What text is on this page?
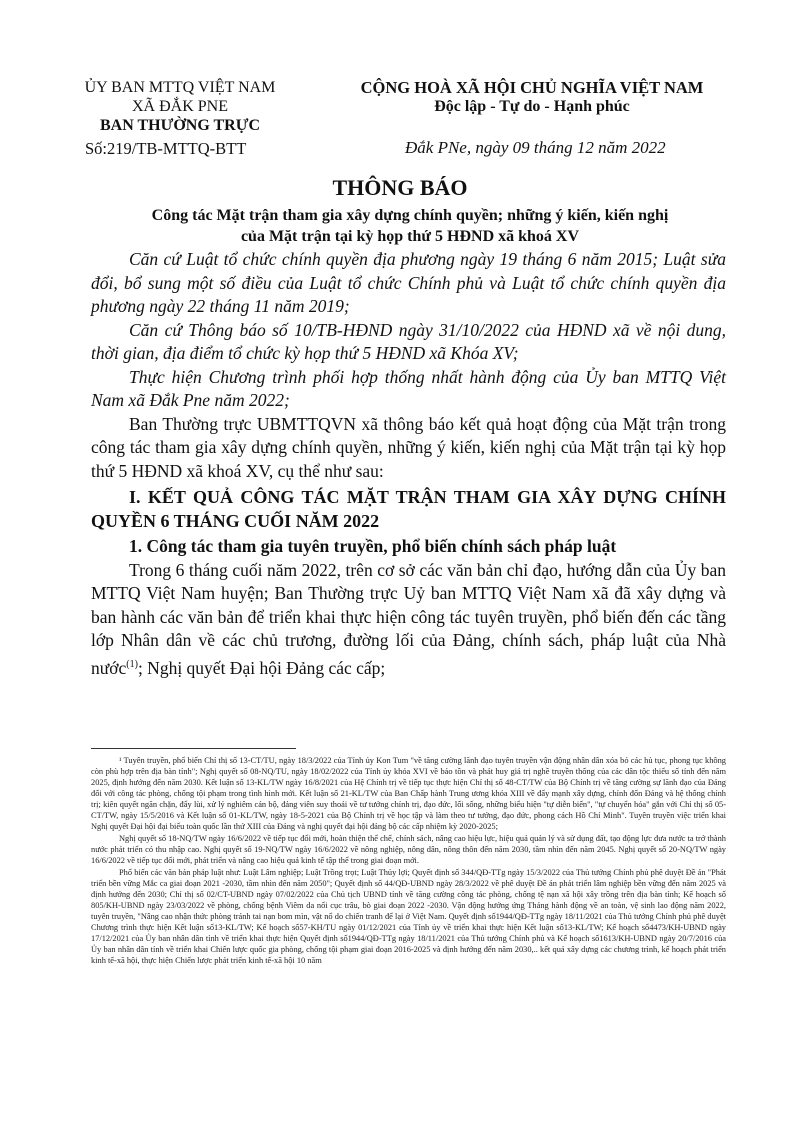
ỦY BAN MTTQ VIỆT NAM
XÃ ĐẮK PNE
BAN THƯỜNG TRỰC
Số:219/TB-MTTQ-BTT
CỘNG HOÀ XÃ HỘI CHỦ NGHĨA VIỆT NAM
Độc lập - Tự do - Hạnh phúc
Đắk PNe, ngày 09 tháng 12 năm 2022
THÔNG BÁO
Công tác Mặt trận tham gia xây dựng chính quyền; những ý kiến, kiến nghị
của Mặt trận tại kỳ họp thứ 5 HĐND xã khoá XV

Căn cứ Luật tổ chức chính quyền địa phương ngày 19 tháng 6 năm 2015; Luật sửa đổi, bổ sung một số điều của Luật tổ chức Chính phủ và Luật tổ chức chính quyền địa phương ngày 22 tháng 11 năm 2019;

Căn cứ Thông báo số 10/TB-HĐND ngày 31/10/2022 của HĐND xã về nội dung, thời gian, địa điểm tổ chức kỳ họp thứ 5 HĐND xã Khóa XV;

Thực hiện Chương trình phối hợp thống nhất hành động của Ủy ban MTTQ Việt Nam xã Đắk Pne năm 2022;

Ban Thường trực UBMTTQVN xã thông báo kết quả hoạt động của Mặt trận trong công tác tham gia xây dựng chính quyền, những ý kiến, kiến nghị của Mặt trận tại kỳ họp thứ 5 HĐND xã khoá XV, cụ thể như sau:

I. KẾT QUẢ CÔNG TÁC MẶT TRẬN THAM GIA XÂY DỰNG CHÍNH QUYỀN 6 THÁNG CUỐI NĂM 2022

1. Công tác tham gia tuyên truyền, phổ biến chính sách pháp luật

Trong 6 tháng cuối năm 2022, trên cơ sở các văn bản chỉ đạo, hướng dẫn của Ủy ban MTTQ Việt Nam huyện; Ban Thường trực Uỷ ban MTTQ Việt Nam xã đã xây dựng và ban hành các văn bản để triển khai thực hiện công tác tuyên truyền, phổ biến đến các tầng lớp Nhân dân về các chủ trương, đường lối của Đảng, chính sách, pháp luật của Nhà nước$^{(1)}$; Nghị quyết Đại hội Đảng các cấp;

¹ Tuyên truyền, phổ biến Chỉ thị số 13-CT/TU, ngày 18/3/2022 của Tỉnh ủy Kon Tum "về tăng cường lãnh đạo tuyên truyền vận động nhân dân xóa bỏ các hủ tục, phong tục không còn phù hợp trên địa bàn tỉnh"; Nghị quyết số 08-NQ/TU, ngày 18/02/2022 của Tỉnh ủy khóa XVI về bảo tồn và phát huy giá trị nghề truyền thống của các dân tộc thiểu số tỉnh đến năm 2025, định hướng đến năm 2030. Kết luận số 13-KL/TW ngày 16/8/2021 của Hệ Chính trị về tiếp tục thực hiện Chỉ thị số 48-CT/TW của Bộ Chính trị về tăng cường sự lãnh đạo của Đảng đối với công tác phòng, chống tội phạm trong tình hình mới. Kết luận số 21-KL/TW của Ban Chấp hành Trung ương khóa XIII về đẩy mạnh xây dựng, chỉnh đốn Đảng và hệ thống chính trị; kiên quyết ngăn chặn, đẩy lùi, xử lý nghiêm cán bộ, đảng viên suy thoái về tư tưởng chính trị, đạo đức, lối sống, những biểu hiện "tự diễn biến", "tự chuyển hóa" gắn với Chỉ thị số 05-CT/TW, ngày 15/5/2016 và Kết luận số 01-KL/TW, ngày 18-5-2021 của Bộ Chính trị về học tập và làm theo tư tưởng, đạo đức, phong cách Hồ Chí Minh". Tuyên truyền việc triển khai Nghị quyết Đại hội đại biểu toàn quốc lần thứ XIII của Đảng và nghị quyết đại hội đảng bộ các cấp nhiệm kỳ 2020-2025;

Nghị quyết số 18-NQ/TW ngày 16/6/2022 về tiếp tục đổi mới, hoàn thiện thể chế, chính sách, nâng cao hiệu lực, hiệu quả quản lý và sử dụng đất, tạo động lực đưa nước ta trở thành nước phát triển có thu nhập cao. Nghị quyết số 19-NQ/TW ngày 16/6/2022 về nông nghiệp, nông dân, nông thôn đến năm 2030, tầm nhìn đến năm 2045. Nghị quyết số 20-NQ/TW ngày 16/6/2022 về tiếp tục đổi mới, phát triển và nâng cao hiệu quả kinh tế tập thể trong giai đoạn mới.

Phổ biến các văn bản pháp luật như: Luật Lâm nghiệp; Luật Trồng trọt; Luật Thủy lợi; Quyết định số 344/QĐ-TTg ngày 15/3/2022 của Thủ tướng Chính phủ phê duyệt Đề án "Phát triển bền vững Mắc ca giai đoạn 2021 -2030, tầm nhìn đến năm 2050"; Quyết định số 44/QĐ-UBND ngày 28/3/2022 về phê duyệt Đề án phát triển lâm nghiệp bền vững đến năm 2025 và định hướng đến 2030; Chỉ thị số 02/CT-UBND ngày 07/02/2022 của Chủ tịch UBND tỉnh về tăng cường công tác phòng, chống tệ nạn xã hội xây trồng trên địa bàn tỉnh; Kế hoạch số 805/KH-UBND ngày 23/03/2022 về phòng, chống bệnh Viêm da nổi cục trâu, bò giai đoạn 2022 -2030. Vận động hưởng ứng Tháng hành động về an toàn, vệ sinh lao động năm 2022, tuyên truyền, "Nâng cao nhận thức phòng tránh tai nạn bom mìn, vật nổ do chiến tranh để lại ở Việt Nam. Quyết định số1944/QĐ-TTg ngày 18/11/2021 của Thủ tướng Chính phủ phê duyệt Chương trình thực hiện Kết luận số13-KL/TW; Kế hoạch số57-KH/TU ngày 01/12/2021 của Tỉnh ủy về triển khai thực hiện Kết luận số13-KL/TW; Kế hoạch số4473/KH-UBND ngày 17/12/2021 của Ủy ban nhân dân tỉnh về triển khai thực hiện Quyết định số1944/QĐ-TTg ngày 18/11/2021 của Thủ tướng Chính phủ và Kế hoạch số1613/KH-UBND ngày 20/7/2016 của Ủy ban nhân dân tỉnh về triển khai Chiến lược quốc gia phòng, chống tội phạm giai đoạn 2016-2025 và định hướng đến năm 2030,.. kết quả xây dựng các chương trình, kế hoạch phát triển kinh tế-xã hội, thực hiện Chiến lược phát triển kinh tế-xã hội 10 năm
